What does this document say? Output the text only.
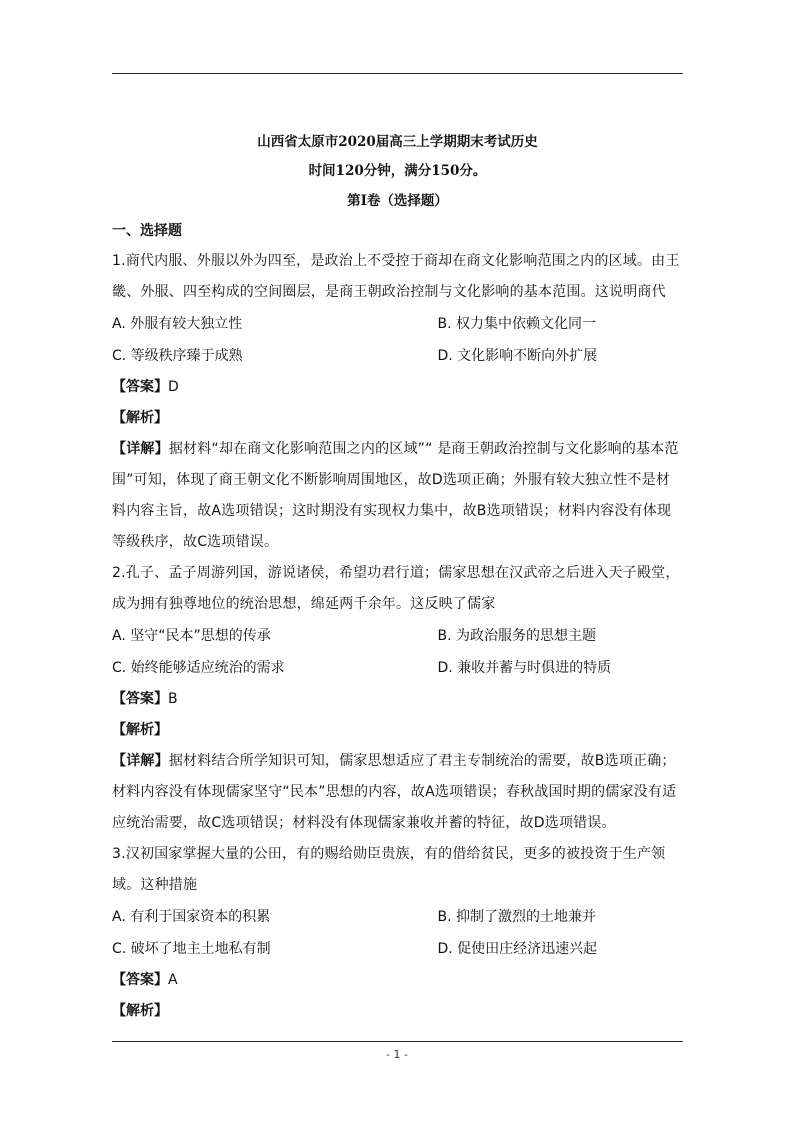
山西省太原市2020届高三上学期期末考试历史
时间120分钟，满分150分。
第I卷（选择题）
一、选择题

1.商代内服、外服以外为四至，是政治上不受控于商却在商文化影响范围之内的区域。由王畿、外服、四至构成的空间圈层，是商王朝政治控制与文化影响的基本范围。这说明商代

A. 外服有较大独立性	B. 权力集中依赖文化同一
C. 等级秩序臻于成熟	D. 文化影响不断向外扩展

【答案】D

【解析】

【详解】据材料“却在商文化影响范围之内的区域”“ 是商王朝政治控制与文化影响的基本范围”可知，体现了商王朝文化不断影响周围地区，故D选项正确；外服有较大独立性不是材料内容主旨，故A选项错误；这时期没有实现权力集中，故B选项错误；材料内容没有体现等级秩序，故C选项错误。

2.孔子、孟子周游列国，游说诸侯，希望功君行道；儒家思想在汉武帝之后进入天子殿堂，成为拥有独尊地位的统治思想，绵延两千余年。这反映了儒家

A. 坚守“民本”思想的传承	B. 为政治服务的思想主题
C. 始终能够适应统治的需求	D. 兼收并蓄与时俱进的特质

【答案】B

【解析】

【详解】据材料结合所学知识可知，儒家思想适应了君主专制统治的需要，故B选项正确；材料内容没有体现儒家坚守“民本”思想的内容，故A选项错误；春秋战国时期的儒家没有适应统治需要，故C选项错误；材料没有体现儒家兼收并蓄的特征，故D选项错误。

3.汉初国家掌握大量的公田，有的赐给勋臣贵族，有的借给贫民，更多的被投资于生产领域。这种措施

A. 有利于国家资本的积累	B. 抑制了激烈的土地兼并
C. 破坏了地主土地私有制	D. 促使田庄经济迅速兴起

【答案】A

【解析】

- 1 -
